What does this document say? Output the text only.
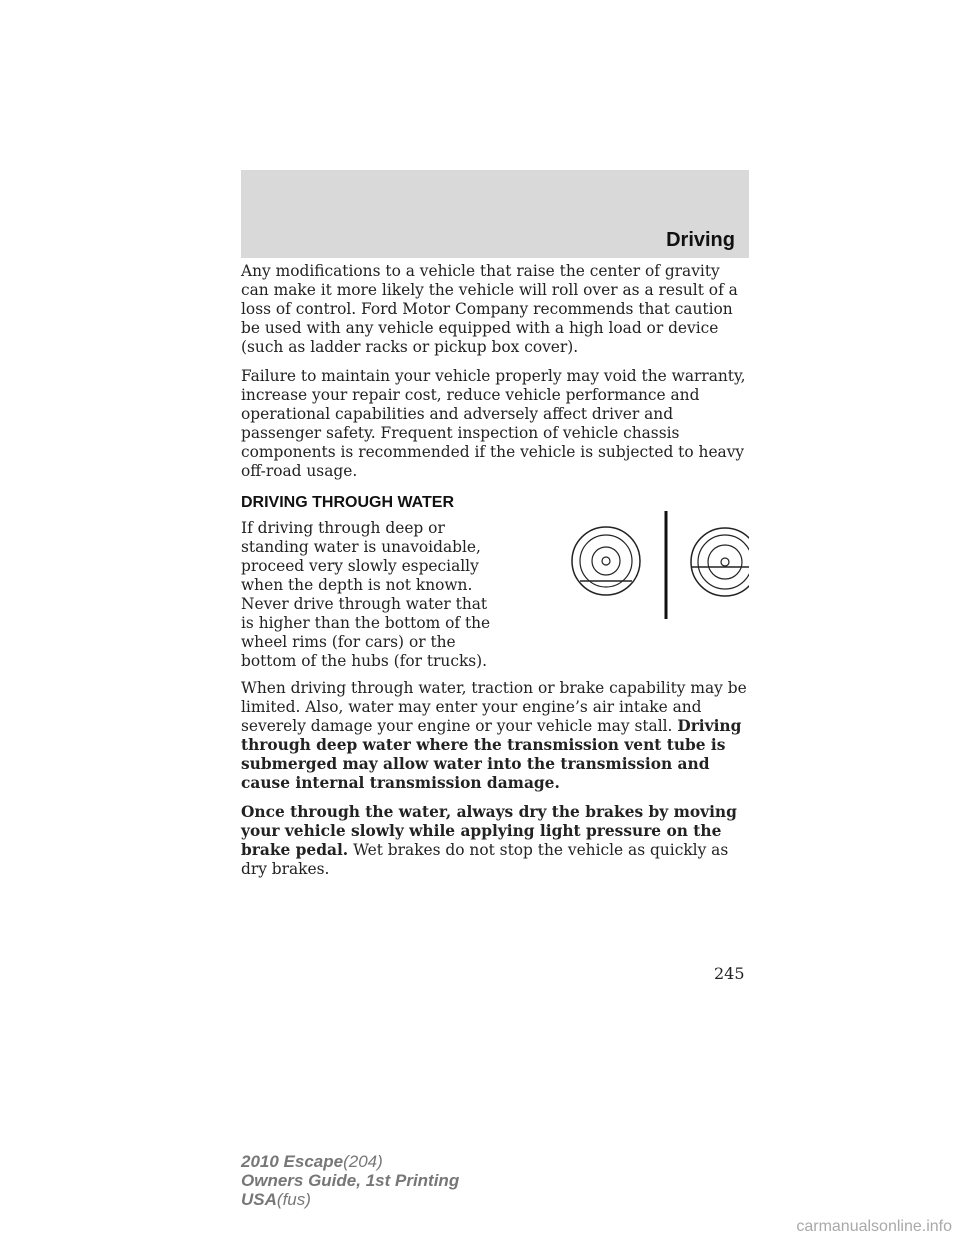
Driving

Any modifications to a vehicle that raise the center of gravity can make it more likely the vehicle will roll over as a result of a loss of control. Ford Motor Company recommends that caution be used with any vehicle equipped with a high load or device (such as ladder racks or pickup box cover).

Failure to maintain your vehicle properly may void the warranty, increase your repair cost, reduce vehicle performance and operational capabilities and adversely affect driver and passenger safety. Frequent inspection of vehicle chassis components is recommended if the vehicle is subjected to heavy off-road usage.

DRIVING THROUGH WATER
If driving through deep or standing water is unavoidable, proceed very slowly especially when the depth is not known. Never drive through water that is higher than the bottom of the wheel rims (for cars) or the bottom of the hubs (for trucks).

When driving through water, traction or brake capability may be limited. Also, water may enter your engine’s air intake and severely damage your engine or your vehicle may stall. Driving through deep water where the transmission vent tube is submerged may allow water into the transmission and cause internal transmission damage.

Once through the water, always dry the brakes by moving your vehicle slowly while applying light pressure on the brake pedal. Wet brakes do not stop the vehicle as quickly as dry brakes.

245
2010 Escape(204)
Owners Guide, 1st Printing
USA(fus)
carmanualsonline.info
